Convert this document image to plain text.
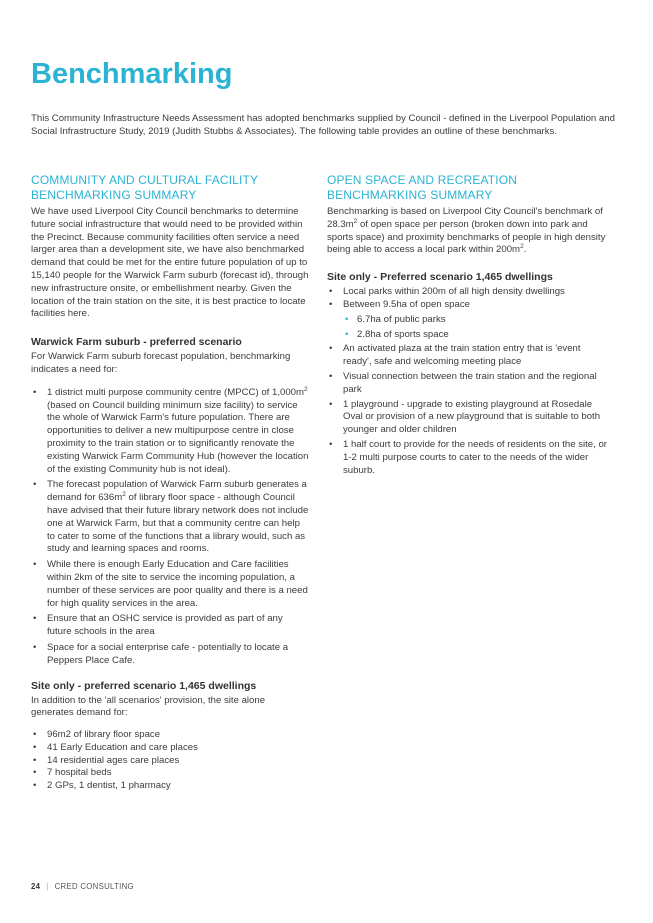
Benchmarking

This Community Infrastructure Needs Assessment has adopted benchmarks supplied by Council - defined in the Liverpool Population and Social Infrastructure Study, 2019 (Judith Stubbs & Associates). The following table provides an outline of these benchmarks.

COMMUNITY AND CULTURAL FACILITY BENCHMARKING SUMMARY

We have used Liverpool City Council benchmarks to determine future social infrastructure that would need to be provided within the Precinct. Because community facilities often service a need larger area than a development site, we have also benchmarked demand that could be met for the entire future population of up to 15,140 people for the Warwick Farm suburb (forecast id), through new infrastructure onsite, or embellishment nearby. Given the location of the train station on the site, it is best practice to locate facilities here.

Warwick Farm suburb - preferred scenario

For Warwick Farm suburb forecast population, benchmarking indicates a need for:

• 1 district multi purpose community centre (MPCC) of $1,000m^2$ (based on Council building minimum size facility) to service the whole of Warwick Farm's future population. There are opportunities to deliver a new multipurpose centre in close proximity to the train station or to significantly renovate the existing Warwick Farm Community Hub (however the location of the existing Community hub is not ideal).
• The forecast population of Warwick Farm suburb generates a demand for $636m^2$ of library floor space - although Council have advised that their future library network does not include one at Warwick Farm, but that a community centre can help to cater to some of the functions that a library would, such as study and learning spaces and rooms.
• While there is enough Early Education and Care facilities within 2km of the site to service the incoming population, a number of these services are poor quality and there is a need for high quality services in the area.
• Ensure that an OSHC service is provided as part of any future schools in the area
• Space for a social enterprise cafe - potentially to locate a Peppers Place Cafe.
Site only - preferred scenario 1,465 dwellings

In addition to the 'all scenarios' provision, the site alone generates demand for:

• 96m2 of library floor space
• 41 Early Education and care places
• 14 residential ages care places
• 7 hospital beds
• 2 GPs, 1 dentist, 1 pharmacy
OPEN SPACE AND RECREATION BENCHMARKING SUMMARY

Benchmarking is based on Liverpool City Council's benchmark of $28.3m^2$ of open space per person (broken down into park and sports space) and proximity benchmarks of people in high density being able to access a local park within $200m^2$.

Site only - Preferred scenario 1,465 dwellings
• Local parks within 200m of all high density dwellings
• Between 9.5ha of open space
• 6.7ha of public parks
• 2.8ha of sports space
• An activated plaza at the train station entry that is 'event ready', safe and welcoming meeting place
• Visual connection between the train station and the regional park
• 1 playground - upgrade to existing playground at Rosedale Oval or provision of a new playground that is suitable to both younger and older children
• 1 half court to provide for the needs of residents on the site, or 1-2 multi purpose courts to cater to the needs of the wider suburb.
24 | CRED CONSULTING
